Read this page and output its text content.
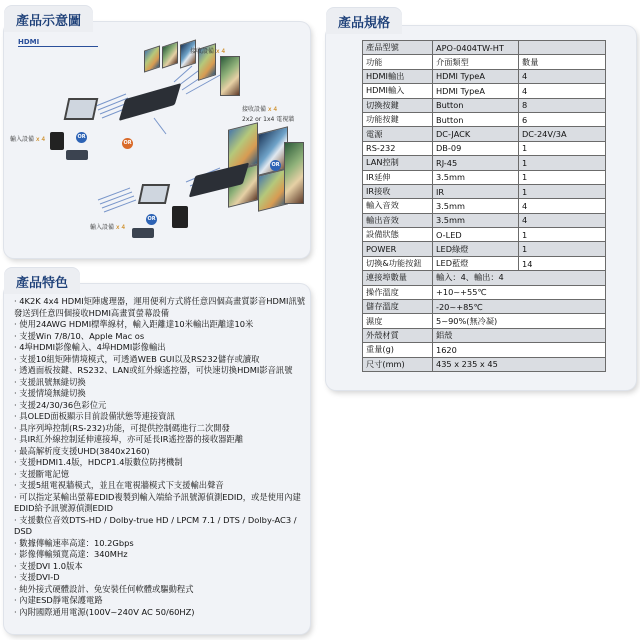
產品示意圖
產品特色
產品規格
HDMI
接收設備 x 4
OR
OR
輸入設備 x 4
OR
接收設備 x 4
2x2 or 1x4 電視牆
OR
輸入設備 x 4
· 4K2K 4x4 HDMI矩陣處理器，運用便利方式將任意四個高畫質影音HDMI訊號發送到任意四個接收HDMI高畫質螢幕設備
· 使用24AWG HDMI標準線材，輸入距離達10米輸出距離達10米
· 支援Win 7/8/10、Apple Mac os
· 4埠HDMI影像輸入、4埠HDMI影像輸出
· 支援10組矩陣情境模式，可透過WEB GUI以及RS232儲存或讀取
· 透過面板按鍵、RS232、LAN或紅外線遙控器，可快速切換HDMI影音訊號
· 支援訊號無縫切換
· 支援情境無縫切換
· 支援24/30/36色彩位元
· 具OLED面板顯示目前設備狀態等連接資訊
· 具序列埠控制(RS-232)功能，可提供控制碼進行二次開發
· 具IR紅外線控制延伸連接埠，亦可延長IR遙控器的接收器距離
· 最高解析度支援UHD(3840x2160)
· 支援HDMI1.4版，HDCP1.4版數位防拷機制
· 支援斷電記憶
· 支援5組電視牆模式，並且在電視牆模式下支援輸出聲音
· 可以指定某輸出螢幕EDID複製到輸入端給予訊號源偵測EDID，或是使用內建EDID給予訊號源偵測EDID
· 支援數位音效DTS-HD / Dolby-true HD / LPCM 7.1 / DTS / Dolby-AC3 / DSD
· 數據傳輸速率高達：10.2Gbps
· 影像傳輸頻寬高達：340MHz
· 支援DVI 1.0版本
· 支援DVI-D
· 純外接式硬體設計、免安裝任何軟體或驅動程式
· 內建ESD靜電保護電路
· 內附國際通用電源(100V~240V AC 50/60HZ)
產品型號	APO-0404TW-HT	
功能	介面類型	數量
HDMI輸出	HDMI TypeA	4
HDMI輸入	HDMI TypeA	4
切換按鍵	Button	8
功能按鍵	Button	6
電源	DC-JACK	DC-24V/3A
RS-232	DB-09	1
LAN控制	RJ-45	1
IR延伸	3.5mm	1
IR接收	IR	1
輸入音效	3.5mm	4
輸出音效	3.5mm	4
設備狀態	O-LED	1
POWER	LED綠燈	1
切換&功能按鈕	LED藍燈	14
連接埠數量	輸入：4、輸出：4	
操作溫度	+10~+55℃	
儲存溫度	-20~+85℃	
濕度	5~90%(無冷凝)	
外殼材質	鋁殼	
重量(g)	1620	
尺寸(mm)	435 x 235 x 45	
